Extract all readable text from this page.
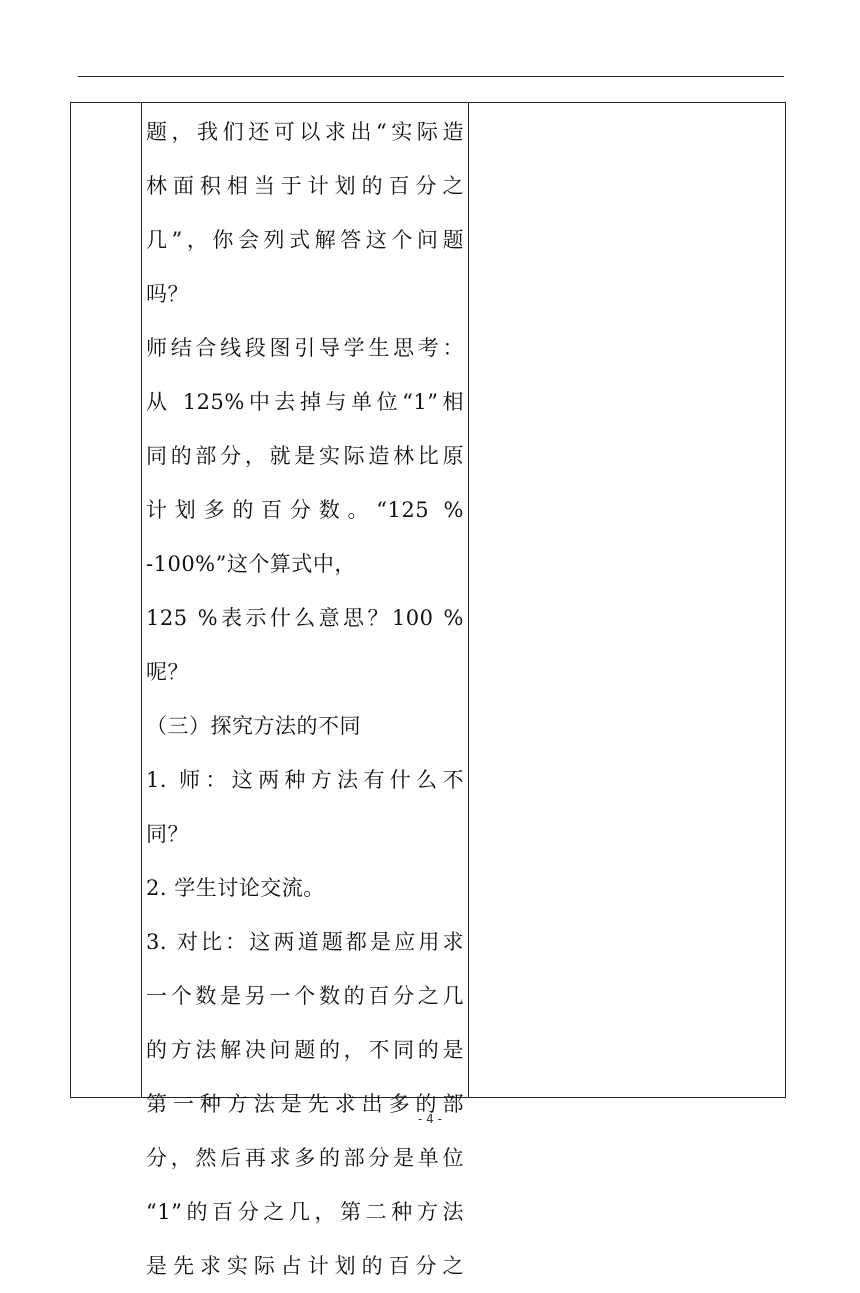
题，我们还可以求出“实际造
林面积相当于计划的百分之
几”，你会列式解答这个问题
吗？
师结合线段图引导学生思考：
从 125%中去掉与单位“1”相
同的部分，就是实际造林比原
计划多的百分数。“125 %
-100%”这个算式中，
125 %表示什么意思？100 %
呢？
（三）探究方法的不同
1. 师：这两种方法有什么不
同？
2. 学生讨论交流。
3. 对比：这两道题都是应用求
一个数是另一个数的百分之几
的方法解决问题的，不同的是
第一种方法是先求出多的部
分，然后再求多的部分是单位
“1”的百分之几，第二种方法
是先求实际占计划的百分之
- 4 -
